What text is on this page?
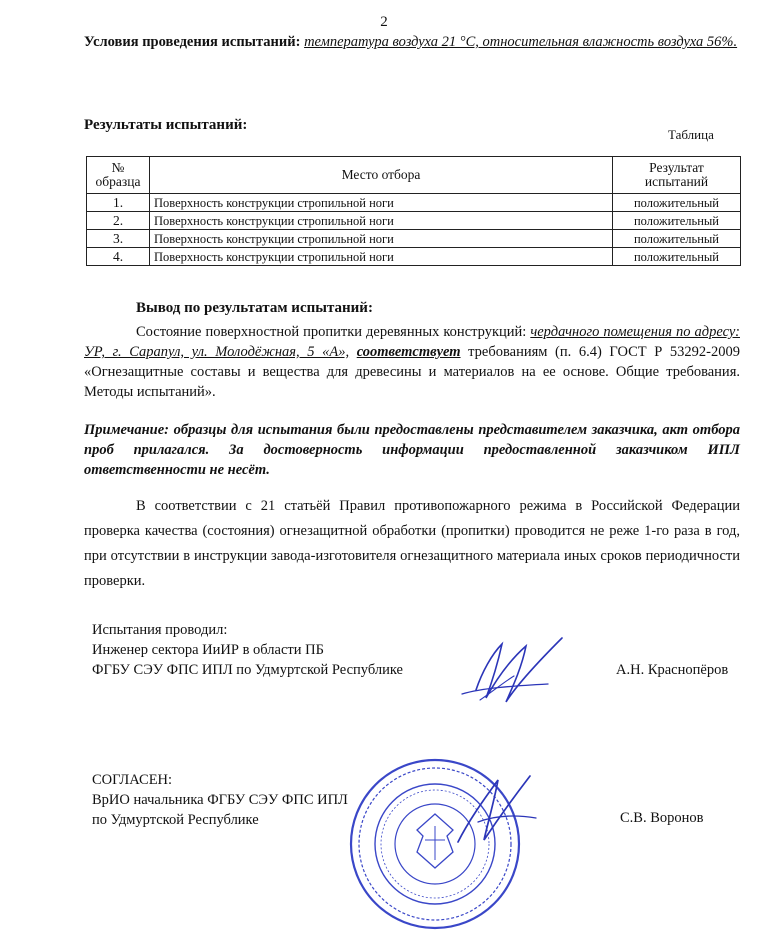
2
Условия проведения испытаний: температура воздуха 21 °С, относительная влажность воздуха 56%.
Результаты испытаний:
Таблица
№ образца	Место отбора	Результат испытаний
1.	Поверхность конструкции стропильной ноги	положительный
2.	Поверхность конструкции стропильной ноги	положительный
3.	Поверхность конструкции стропильной ноги	положительный
4.	Поверхность конструкции стропильной ноги	положительный
Вывод по результатам испытаний:
Состояние поверхностной пропитки деревянных конструкций: чердачного помещения по адресу: УР, г. Сарапул, ул. Молодёжная, 5 «А», соответствует требованиям (п. 6.4) ГОСТ Р 53292-2009 «Огнезащитные составы и вещества для древесины и материалов на ее основе. Общие требования. Методы испытаний».
Примечание: образцы для испытания были предоставлены представителем заказчика, акт отбора проб прилагался. За достоверность информации предоставленной заказчиком ИПЛ ответственности не несёт.
В соответствии с 21 статьёй Правил противопожарного режима в Российской Федерации проверка качества (состояния) огнезащитной обработки (пропитки) проводится не реже 1-го раза в год, при отсутствии в инструкции завода-изготовителя огнезащитного материала иных сроков периодичности проверки.
Испытания проводил:
Инженер сектора ИиИР в области ПБ
ФГБУ СЭУ ФПС ИПЛ по Удмуртской Республике	А.Н. Краснопёров
СОГЛАСЕН:
ВрИО начальника ФГБУ СЭУ ФПС ИПЛ
по Удмуртской Республике	С.В. Воронов
